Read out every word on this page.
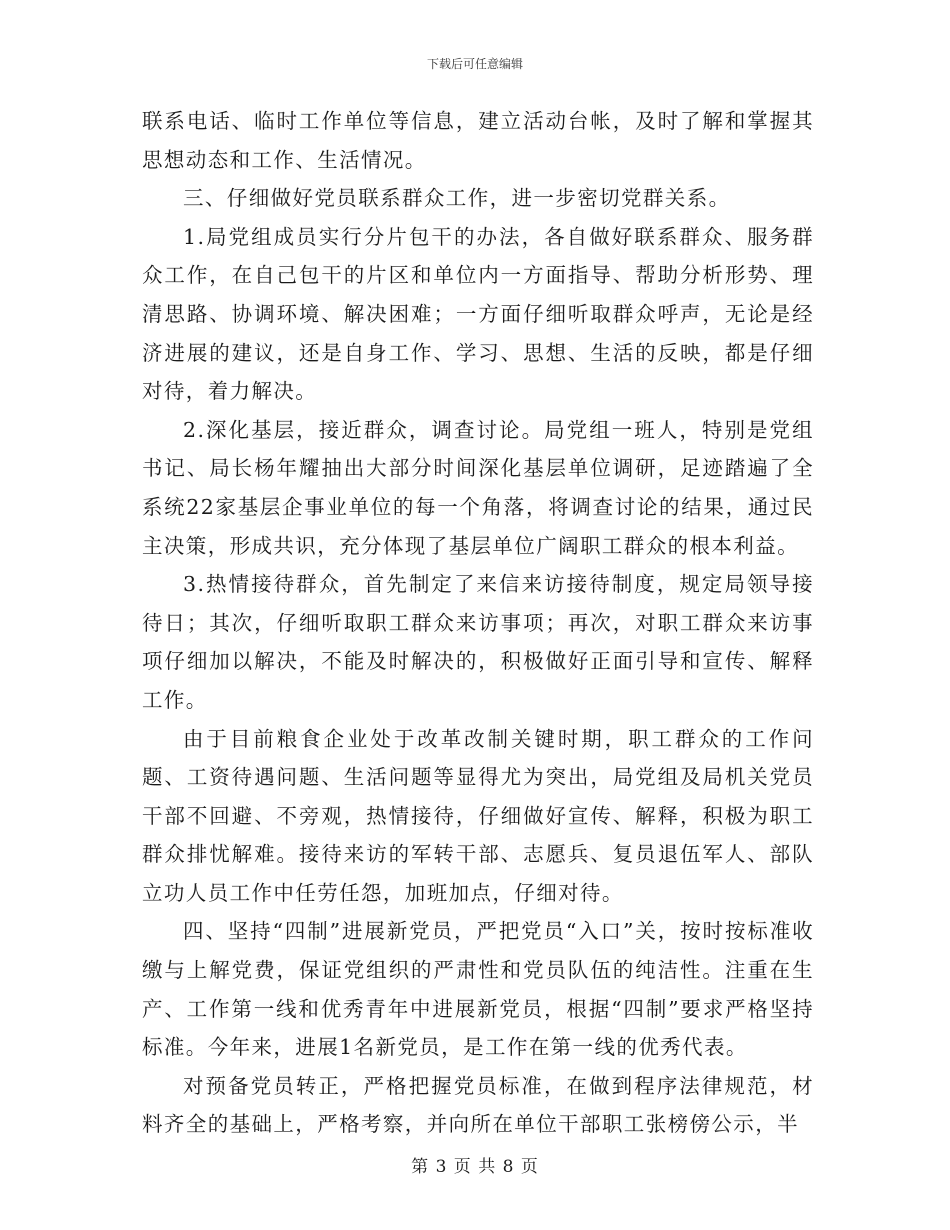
下载后可任意编辑

联系电话、临时工作单位等信息，建立活动台帐，及时了解和掌握其思想动态和工作、生活情况。

三、仔细做好党员联系群众工作，进一步密切党群关系。

1.局党组成员实行分片包干的办法，各自做好联系群众、服务群众工作，在自己包干的片区和单位内一方面指导、帮助分析形势、理清思路、协调环境、解决困难；一方面仔细听取群众呼声，无论是经济进展的建议，还是自身工作、学习、思想、生活的反映，都是仔细对待，着力解决。

2.深化基层，接近群众，调查讨论。局党组一班人，特别是党组书记、局长杨年耀抽出大部分时间深化基层单位调研，足迹踏遍了全系统22家基层企事业单位的每一个角落，将调查讨论的结果，通过民主决策，形成共识，充分体现了基层单位广阔职工群众的根本利益。

3.热情接待群众，首先制定了来信来访接待制度，规定局领导接待日；其次，仔细听取职工群众来访事项；再次，对职工群众来访事项仔细加以解决，不能及时解决的，积极做好正面引导和宣传、解释工作。

由于目前粮食企业处于改革改制关键时期，职工群众的工作问题、工资待遇问题、生活问题等显得尤为突出，局党组及局机关党员干部不回避、不旁观，热情接待，仔细做好宣传、解释，积极为职工群众排忧解难。接待来访的军转干部、志愿兵、复员退伍军人、部队立功人员工作中任劳任怨，加班加点，仔细对待。

四、坚持“四制”进展新党员，严把党员“入口”关，按时按标准收缴与上解党费，保证党组织的严肃性和党员队伍的纯洁性。注重在生产、工作第一线和优秀青年中进展新党员，根据“四制”要求严格坚持标准。今年来，进展1名新党员，是工作在第一线的优秀代表。

对预备党员转正，严格把握党员标准，在做到程序法律规范，材料齐全的基础上，严格考察，并向所在单位干部职工张榜傍公示，半

第 3 页 共 8 页
